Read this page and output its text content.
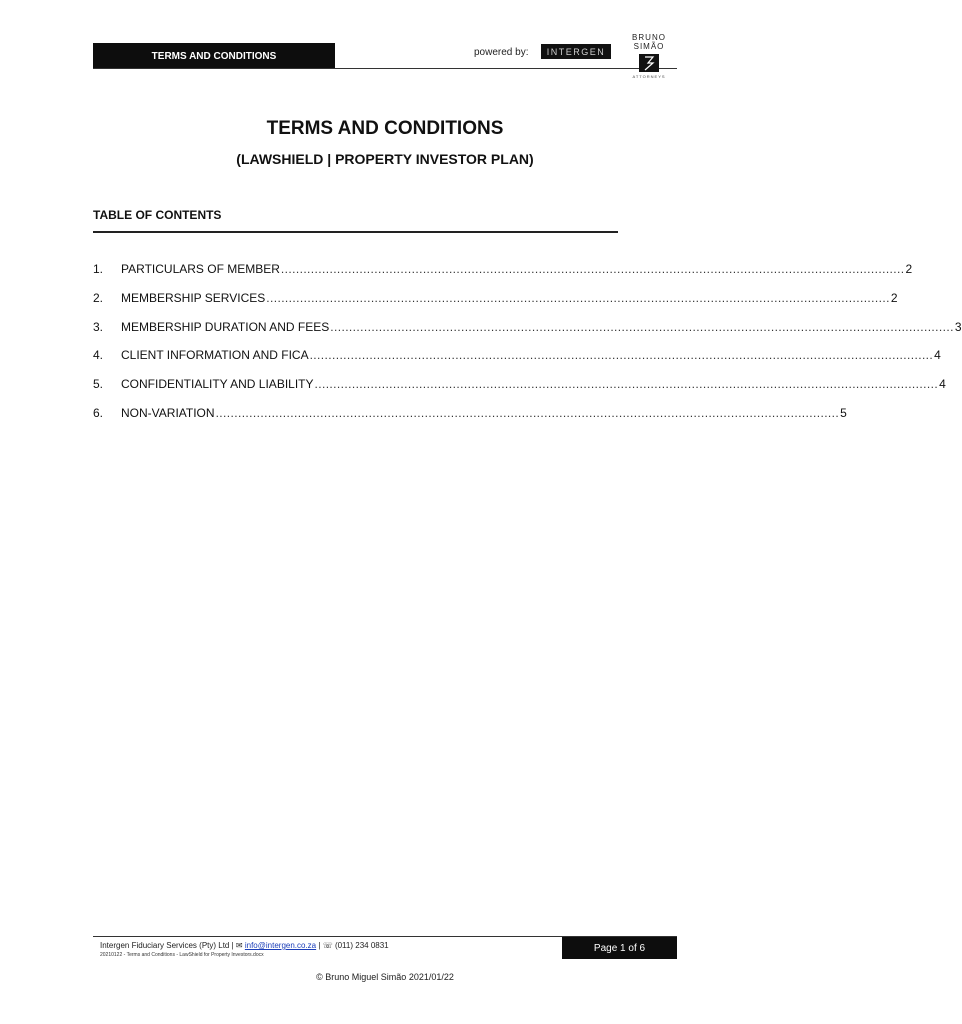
TERMS AND CONDITIONS	powered by: INTERGEN
BRUNO SIMÃO
ATTORNEYS
TERMS AND CONDITIONS
(LAWSHIELD | PROPERTY INVESTOR PLAN)
TABLE OF CONTENTS
1.	PARTICULARS OF MEMBER ....................................................................................................................................................................... 2
2.	MEMBERSHIP SERVICES ....................................................................................................................................................................... 2
3.	MEMBERSHIP DURATION AND FEES ....................................................................................................................................................................... 3
4.	CLIENT INFORMATION AND FICA ....................................................................................................................................................................... 4
5.	CONFIDENTIALITY AND LIABILITY ....................................................................................................................................................................... 4
6.	NON-VARIATION ....................................................................................................................................................................... 5
Intergen Fiduciary Services (Pty) Ltd | ✉ info@intergen.co.za | ☏ (011) 234 0831
20210122 - Terms and Conditions - LawShield for Property Investors.docx
Page 1 of 6
© Bruno Miguel Simão 2021/01/22
